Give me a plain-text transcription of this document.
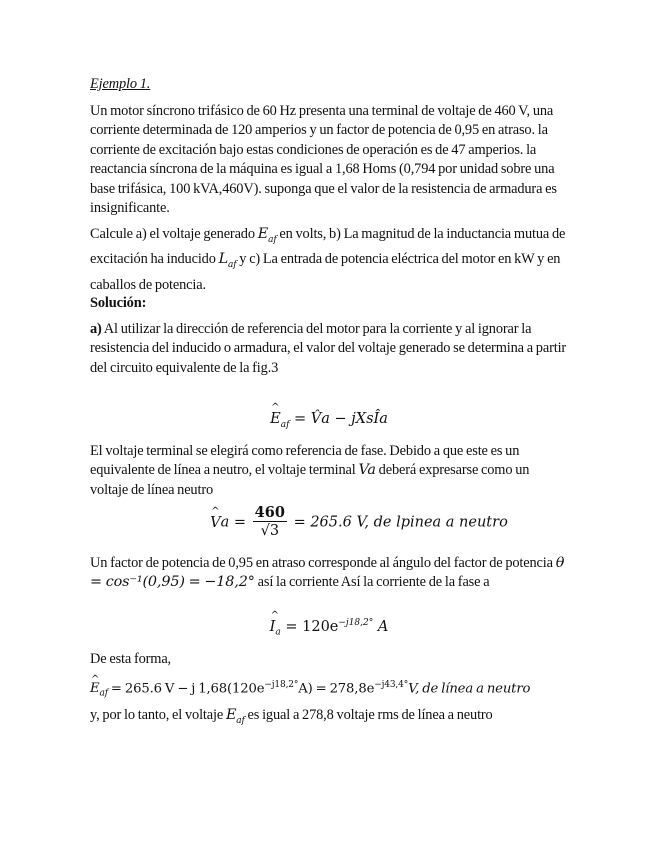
Ejemplo 1.
Un motor síncrono trifásico de 60 Hz presenta una terminal de voltaje de 460 V, una corriente determinada de 120 amperios y un factor de potencia de 0,95 en atraso. la corriente de excitación bajo estas condiciones de operación es de 47 amperios. la reactancia síncrona de la máquina es igual a 1,68 Homs (0,794 por unidad sobre una base trifásica, 100 kVA,460V). suponga que el valor de la resistencia de armadura es insignificante.
Calcule a) el voltaje generado $E_{af}$ en volts, b) La magnitud de la inductancia mutua de excitación ha inducido $L_{af}$ y c) La entrada de potencia eléctrica del motor en kW y en caballos de potencia.
Solución:
a) Al utilizar la dirección de referencia del motor para la corriente y al ignorar la resistencia del inducido o armadura, el valor del voltaje generado se determina a partir del circuito equivalente de la fig.3
^ $E_{af}$ = V̂a − jXsÎa
El voltaje terminal se elegirá como referencia de fase. Debido a que este es un equivalente de línea a neutro, el voltaje terminal Va deberá expresarse como un voltaje de línea neutro
^ $Va = \frac{460}{√3} = 265.6$ V, de lpinea a neutro
Un factor de potencia de 0,95 en atraso corresponde al ángulo del factor de potencia θ = cos⁻¹(0,95) = −18,2° así la corriente Así la corriente de la fase a
^ $I_a = 120e^{-j18,2^\circ}$ A
De esta forma,
^ $E_{af} = 265.6$ V − j $1,68(120e^{-j18,2^\circ}A) = 278,8e^{-j43,4^\circ}V$, de línea a neutro
y, por lo tanto, el voltaje $E_{af}$ es igual a 278,8 voltaje rms de línea a neutro
